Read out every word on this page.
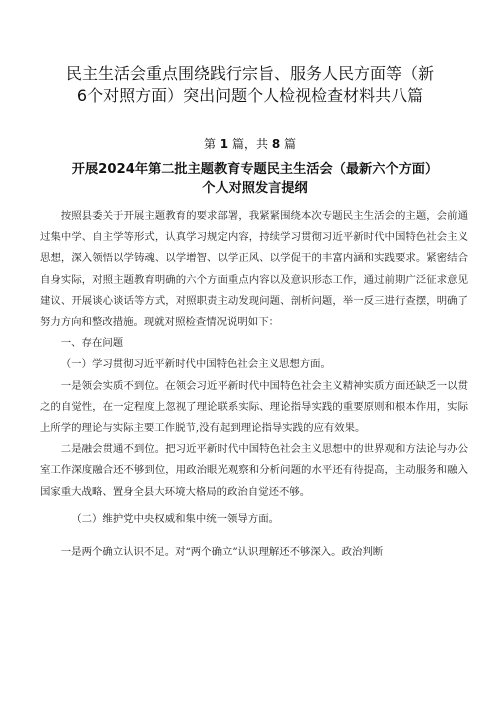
民主生活会重点围绕践行宗旨、服务人民方面等（新
6个对照方面）突出问题个人检视检查材料共八篇
第 1 篇，共 8 篇
开展2024年第二批主题教育专题民主生活会（最新六个方面）
个人对照发言提纲

按照县委关于开展主题教育的要求部署，我紧紧围绕本次专题民主生活会的主题，会前通过集中学、自主学等形式，认真学习规定内容，持续学习贯彻习近平新时代中国特色社会主义思想，深入领悟以学铸魂、以学增智、以学正风、以学促干的丰富内涵和实践要求。紧密结合自身实际，对照主题教育明确的六个方面重点内容以及意识形态工作，通过前期广泛征求意见建议、开展谈心谈话等方式，对照职责主动发现问题、剖析问题，举一反三进行查摆，明确了努力方向和整改措施。现就对照检查情况说明如下：

一、存在问题

（一）学习贯彻习近平新时代中国特色社会主义思想方面。

一是领会实质不到位。在领会习近平新时代中国特色社会主义精神实质方面还缺乏一以贯之的自觉性，在一定程度上忽视了理论联系实际、理论指导实践的重要原则和根本作用，实际上所学的理论与实际主要工作脱节,没有起到理论指导实践的应有效果。

二是融会贯通不到位。把习近平新时代中国特色社会主义思想中的世界观和方法论与办公室工作深度融合还不够到位，用政治眼光观察和分析问题的水平还有待提高，主动服务和融入国家重大战略、置身全县大环境大格局的政治自觉还不够。

（二）维护党中央权威和集中统一领导方面。

一是两个确立认识不足。对“两个确立”认识理解还不够深入。政治判断
